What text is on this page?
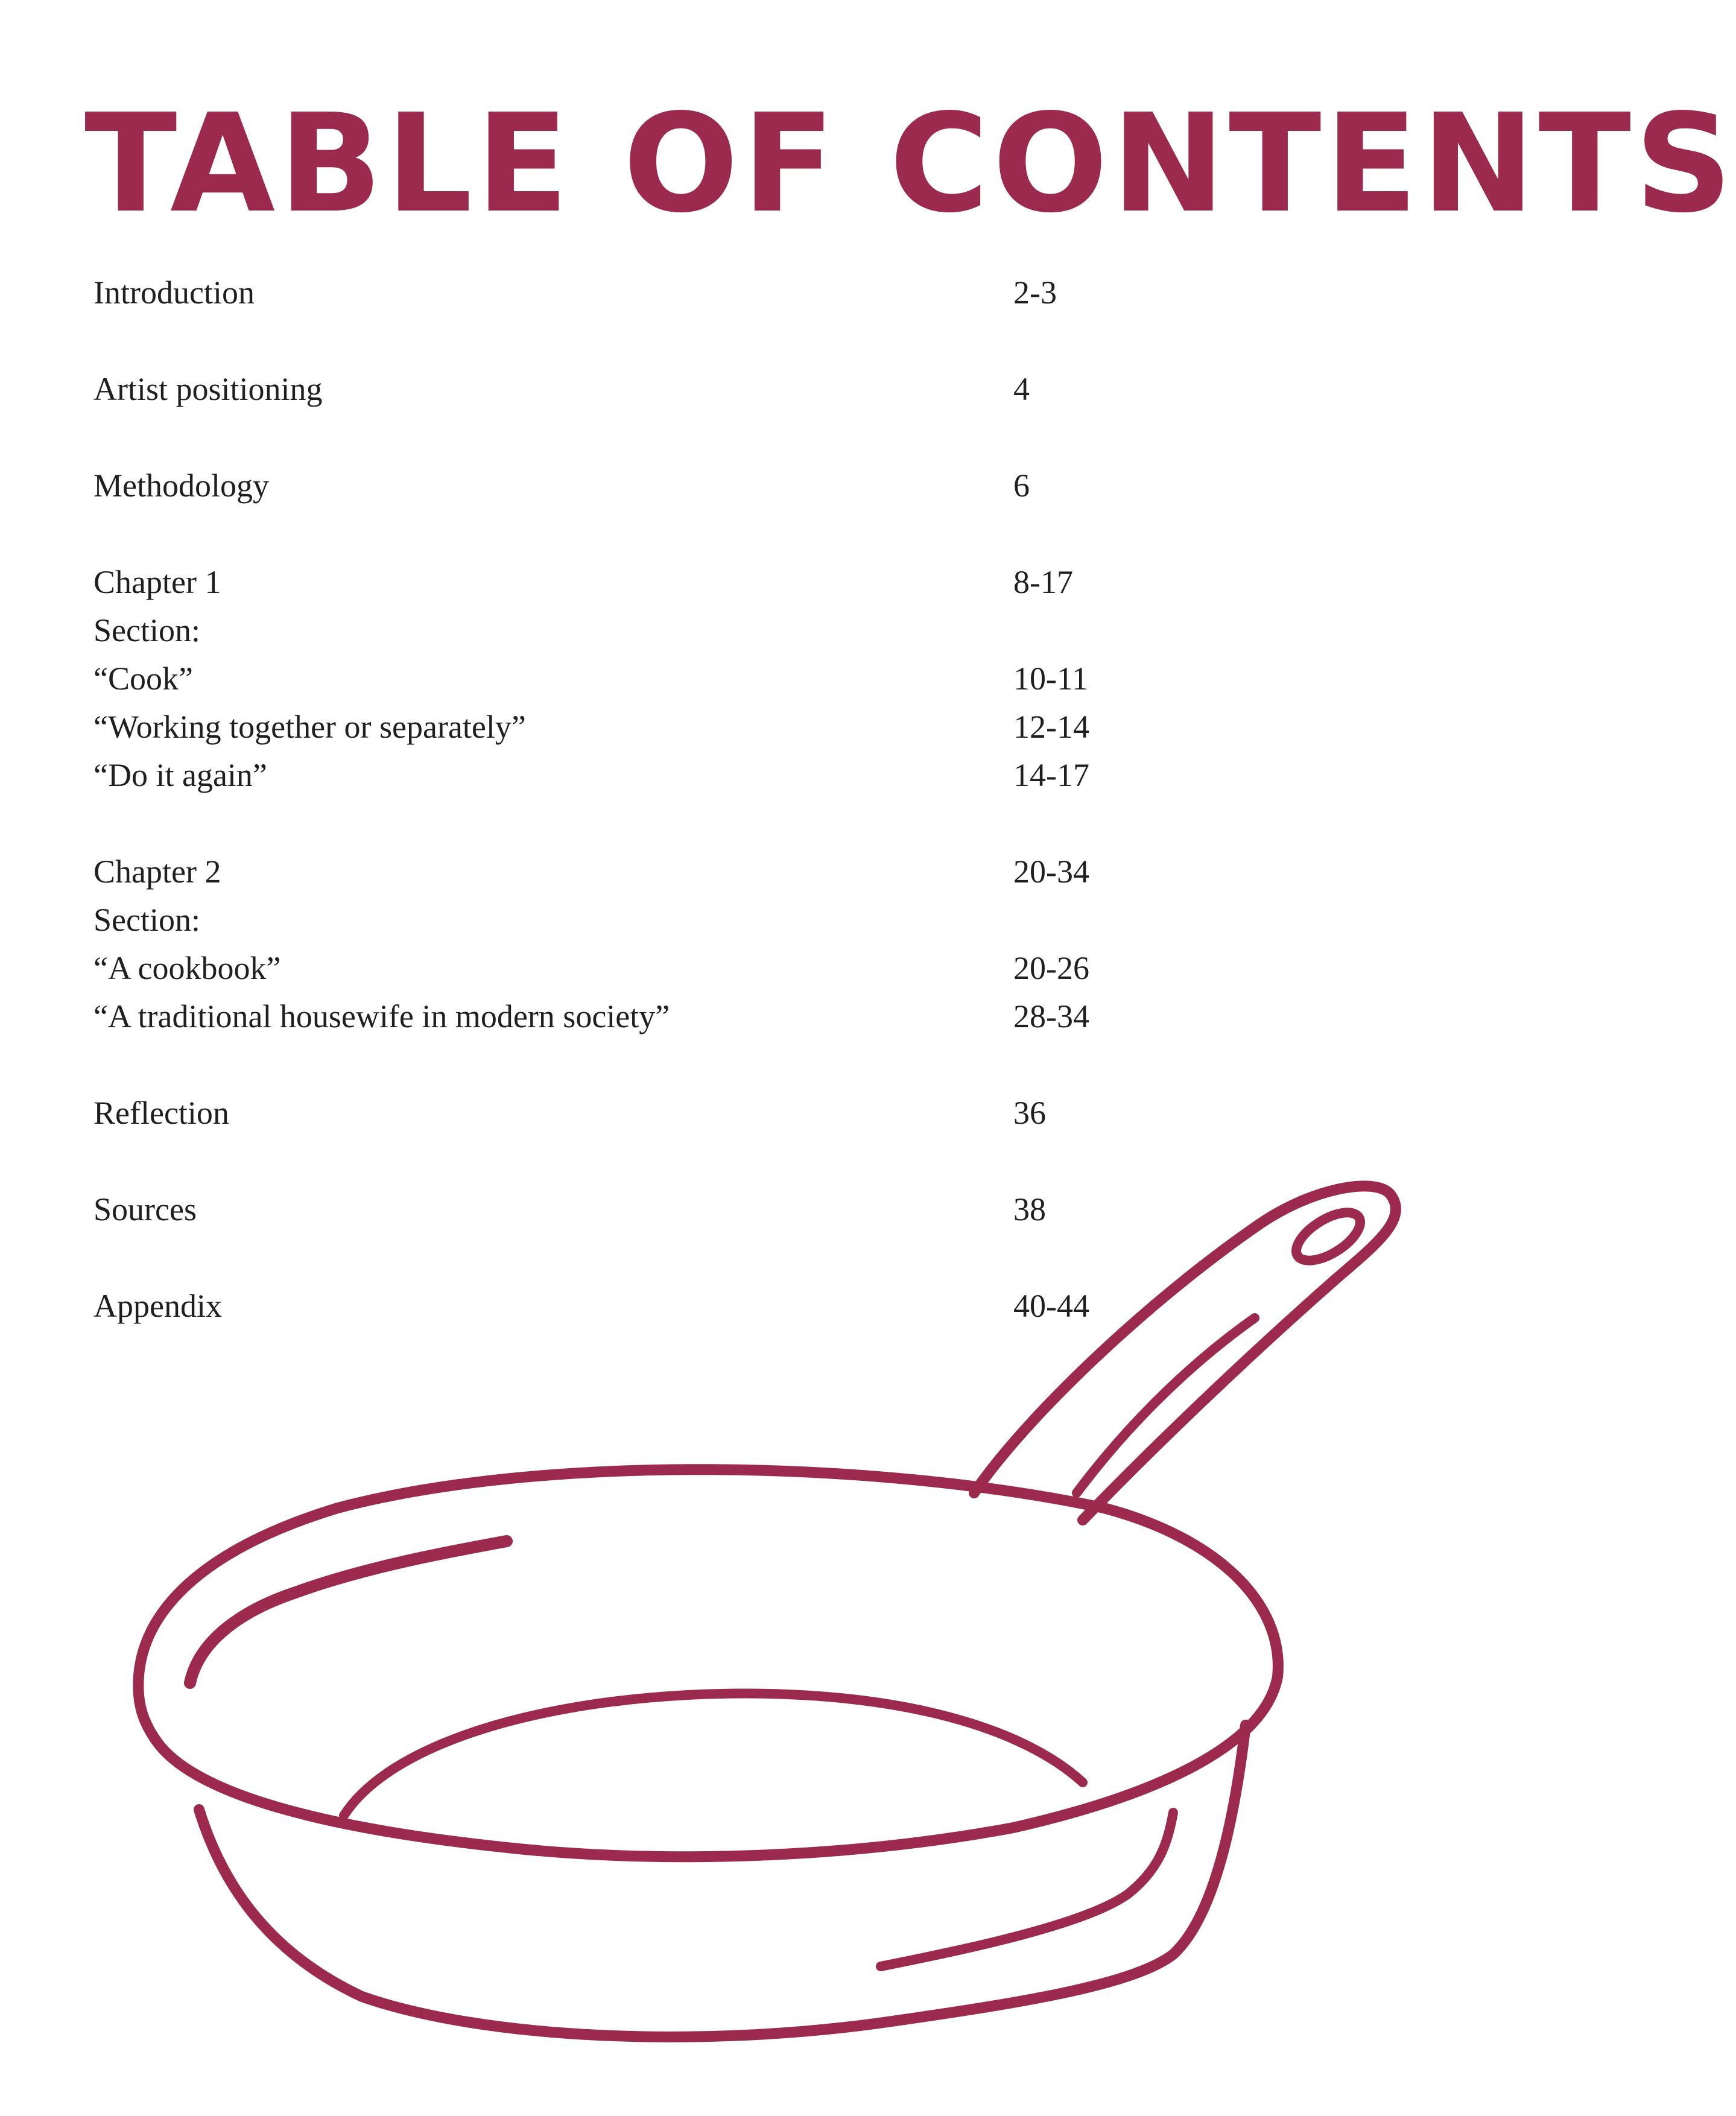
TABLE OF CONTENTS
Introduction	2-3
Artist positioning	4
Methodology	6
Chapter 1	8-17
Section:
“Cook”	10-11
“Working together or separately”	12-14
“Do it again”	14-17
Chapter 2	20-34
Section:
“A cookbook”	20-26
“A traditional housewife in modern society”	28-34
Reflection	36
Sources	38
Appendix	40-44
